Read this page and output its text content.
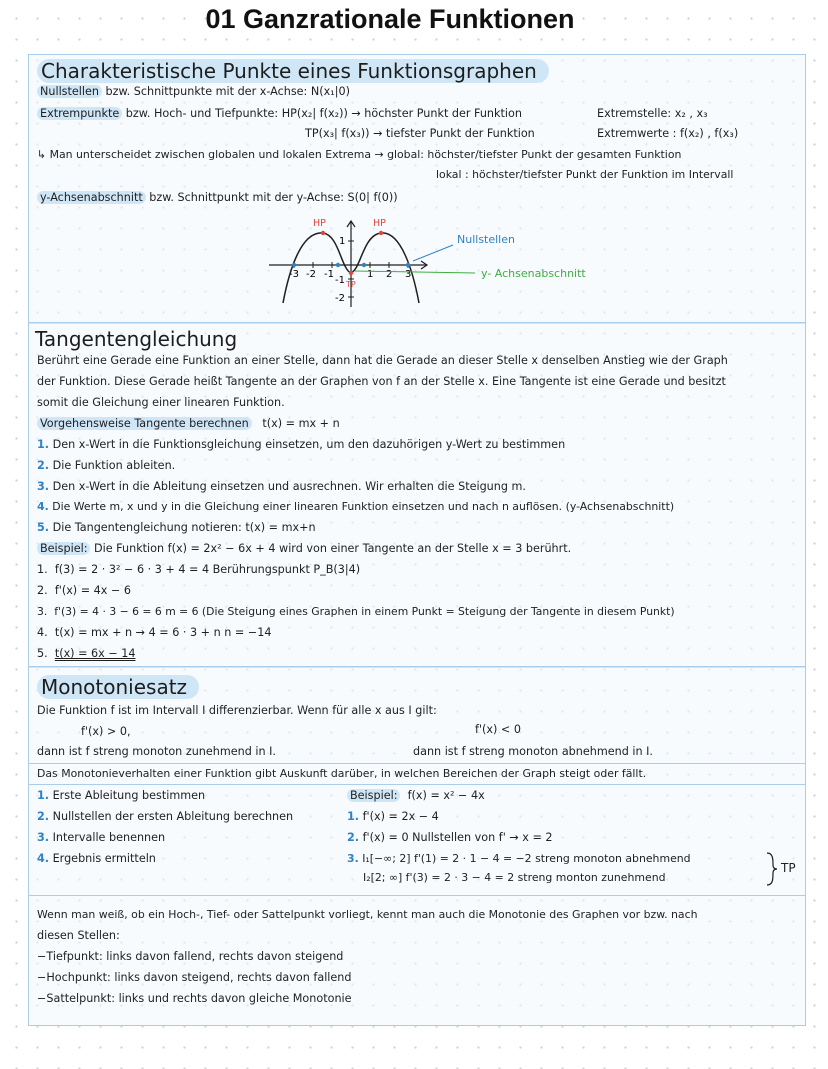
01 Ganzrationale Funktionen
Charakteristische Punkte eines Funktionsgraphen
Nullstellen bzw. Schnittpunkte mit der x-Achse: N(x₁|0)
Extrempunkte bzw. Hoch- und Tiefpunkte: HP(x₂| f(x₂)) → höchster Punkt der Funktion	Extremstelle: x₂ , x₃
TP(x₃| f(x₃)) → tiefster Punkt der Funktion	Extremwerte : f(x₂) , f(x₃)
↳ Man unterscheidet zwischen globalen und lokalen Extrema → global: höchster/tiefster Punkt der gesamten Funktion
lokal : höchster/tiefster Punkt der Funktion im Intervall
y-Achsenabschnitt bzw. Schnittpunkt mit der y-Achse: S(0| f(0))
-3 -2 -1	1 2 3
1
-1
-2
HP	HP
TP
Nullstellen
y- Achsenabschnitt
Tangentengleichung
Berührt eine Gerade eine Funktion an einer Stelle, dann hat die Gerade an dieser Stelle x denselben Anstieg wie der Graph
der Funktion. Diese Gerade heißt Tangente an der Graphen von f an der Stelle x. Eine Tangente ist eine Gerade und besitzt
somit die Gleichung einer linearen Funktion.
Vorgehensweise Tangente berechnen t(x) = mx + n
1. Den x-Wert in die Funktionsgleichung einsetzen, um den dazuhörigen y-Wert zu bestimmen
2. Die Funktion ableiten.
3. Den x-Wert in die Ableitung einsetzen und ausrechnen. Wir erhalten die Steigung m.
4. Die Werte m, x und y in die Gleichung einer linearen Funktion einsetzen und nach n auflösen. (y-Achsenabschnitt)
5. Die Tangentengleichung notieren: t(x) = mx+n
Beispiel: Die Funktion f(x) = 2x² − 6x + 4 wird von einer Tangente an der Stelle x = 3 berührt.
1. f(3) = 2 · 3² − 6 · 3 + 4 = 4 Berührungspunkt P_B(3|4)
2. f'(x) = 4x − 6
3. f'(3) = 4 · 3 − 6 = 6 m = 6 (Die Steigung eines Graphen in einem Punkt = Steigung der Tangente in diesem Punkt)
4. t(x) = mx + n → 4 = 6 · 3 + n n = −14
5. t(x) = 6x − 14
Monotoniesatz
Die Funktion f ist im Intervall I differenzierbar. Wenn für alle x aus I gilt:
f'(x) > 0,	f'(x) < 0
dann ist f streng monoton zunehmend in I.	dann ist f streng monoton abnehmend in I.
Das Monotonieverhalten einer Funktion gibt Auskunft darüber, in welchen Bereichen der Graph steigt oder fällt.
1. Erste Ableitung bestimmen
2. Nullstellen der ersten Ableitung berechnen
3. Intervalle benennen
4. Ergebnis ermitteln
Beispiel: f(x) = x² − 4x
1. f'(x) = 2x − 4
2. f'(x) = 0 Nullstellen von f' → x = 2
3. I₁[−∞; 2] f'(1) = 2 · 1 − 4 = −2 streng monoton abnehmend
I₂[2; ∞] f'(3) = 2 · 3 − 4 = 2 streng monton zunehmend
TP
Wenn man weiß, ob ein Hoch-, Tief- oder Sattelpunkt vorliegt, kennt man auch die Monotonie des Graphen vor bzw. nach
diesen Stellen:
−Tiefpunkt: links davon fallend, rechts davon steigend
−Hochpunkt: links davon steigend, rechts davon fallend
−Sattelpunkt: links und rechts davon gleiche Monotonie
